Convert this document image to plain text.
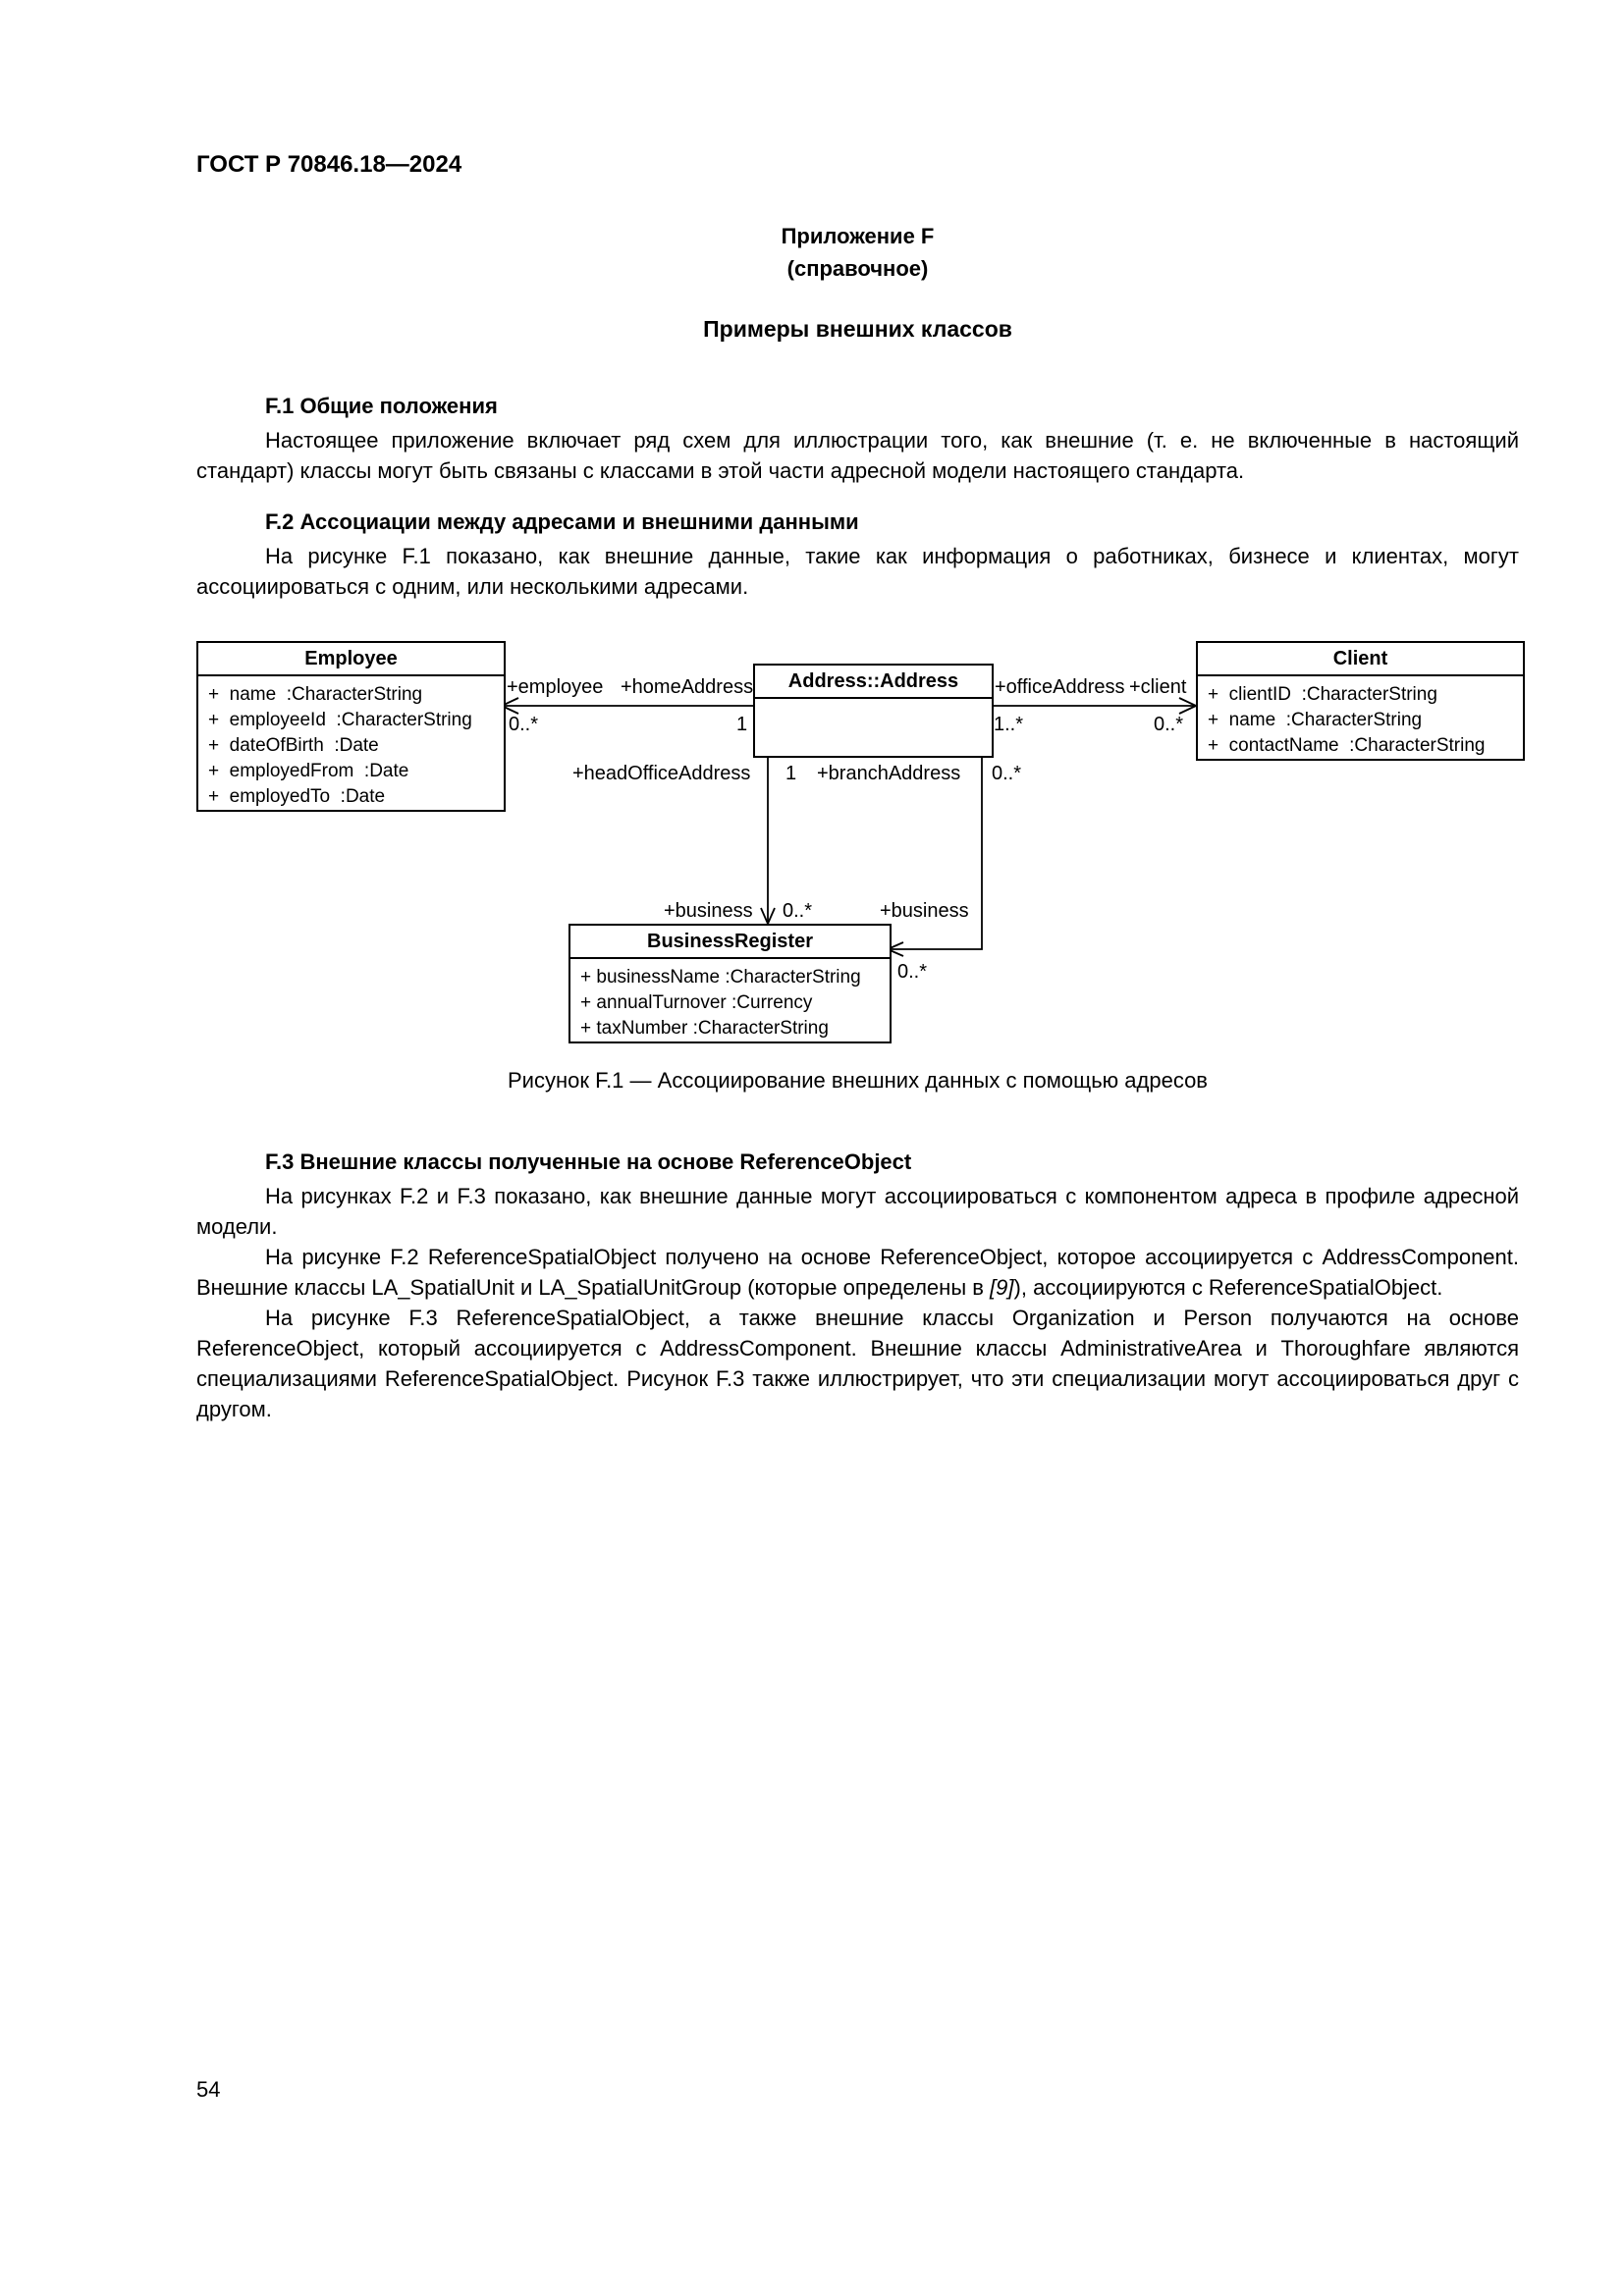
ГОСТ Р 70846.18—2024
Приложение F
(справочное)
Примеры внешних классов
F.1 Общие положения

Настоящее приложение включает ряд схем для иллюстрации того, как внешние (т. е. не включенные в настоящий стандарт) классы могут быть связаны с классами в этой части адресной модели настоящего стандарта.

F.2 Ассоциации между адресами и внешними данными

На рисунке F.1 показано, как внешние данные, такие как информация о работниках, бизнесе и клиентах, могут ассоциироваться с одним, или несколькими адресами.

Employee
+  name  :CharacterString
+  employeeId  :CharacterString
+  dateOfBirth  :Date
+  employedFrom  :Date
+  employedTo  :Date
Address::Address
Client
+  clientID  :CharacterString
+  name  :CharacterString
+  contactName  :CharacterString
BusinessRegister
+ businessName :CharacterString
+ annualTurnover :Currency
+ taxNumber :CharacterString
+employee +homeAddress
0..*	1
+officeAddress +client
1..*	0..*
+headOfficeAddress 1 +branchAddress 0..*
+business 0..*	+business
0..*
Рисунок F.1 — Ассоциирование внешних данных с помощью адресов
F.3 Внешние классы полученные на основе ReferenceObject

На рисунках F.2 и F.3 показано, как внешние данные могут ассоциироваться с компонентом адреса в профиле адресной модели.

На рисунке F.2 ReferenceSpatialObject получено на основе ReferenceObject, которое ассоциируется с AddressComponent. Внешние классы LA_SpatialUnit и LA_SpatialUnitGroup (которые определены в [9]), ассоциируются с ReferenceSpatialObject.

На рисунке F.3 ReferenceSpatialObject, а также внешние классы Organization и Person получаются на основе ReferenceObject, который ассоциируется с AddressComponent. Внешние классы AdministrativeArea и Thoroughfare являются специализациями ReferenceSpatialObject. Рисунок F.3 также иллюстрирует, что эти специализации могут ассоциироваться друг с другом.

54
